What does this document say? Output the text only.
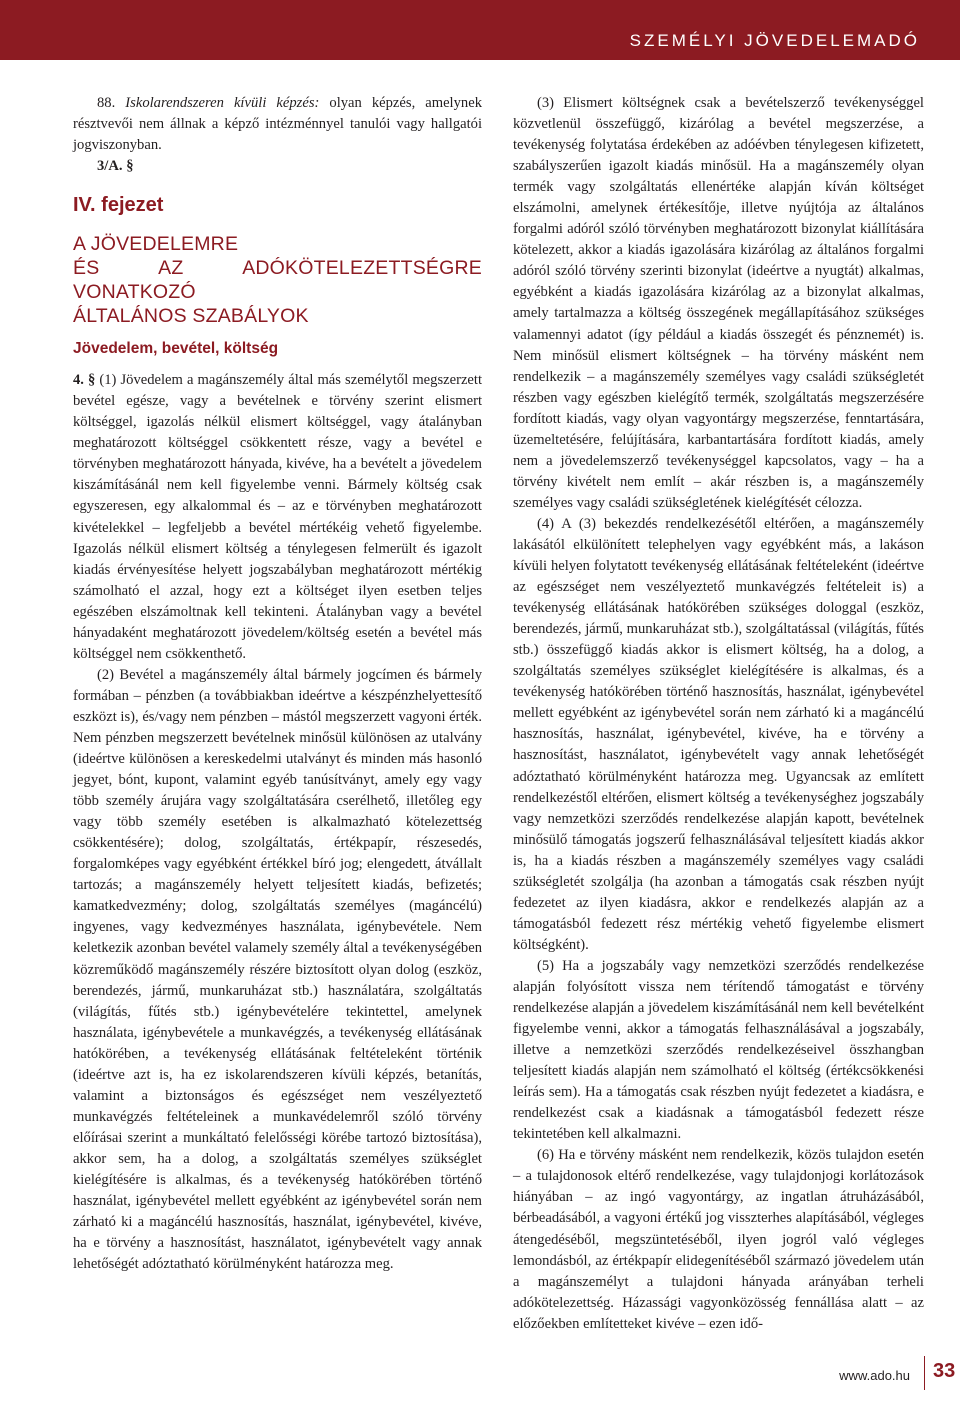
SZEMÉLYI JÖVEDELEMADÓ

88. Iskolarendszeren kívüli képzés: olyan képzés, amelynek résztvevői nem állnak a képző intézménnyel tanulói vagy hallgatói jogviszonyban.

3/A. §

IV. fejezet

A JÖVEDELEMRE
ÉS AZ ADÓKÖTELEZETTSÉGRE VONATKOZÓ
ÁLTALÁNOS SZABÁLYOK

Jövedelem, bevétel, költség

4. § (1) Jövedelem a magánszemély által más személytől megszerzett bevétel egésze, vagy a bevételnek e törvény szerint elismert költséggel, igazolás nélkül elismert költséggel, vagy átalányban meghatározott költséggel csökkentett része, vagy a bevétel e törvényben meghatározott hányada, kivéve, ha a bevételt a jövedelem kiszámításánál nem kell figyelembe venni. Bármely költség csak egyszeresen, egy alkalommal és – az e törvényben meghatározott kivételekkel – legfeljebb a bevétel mértékéig vehető figyelembe. Igazolás nélkül elismert költség a ténylegesen felmerült és igazolt kiadás érvényesítése helyett jogszabályban meghatározott mértékig számolható el azzal, hogy ezt a költséget ilyen esetben teljes egészében elszámoltnak kell tekinteni. Átalányban vagy a bevétel hányadaként meghatározott jövedelem/költség esetén a bevétel más költséggel nem csökkenthető.

(2) Bevétel a magánszemély által bármely jogcímen és bármely formában – pénzben (a továbbiakban ideértve a készpénzhelyettesítő eszközt is), és/vagy nem pénzben – mástól megszerzett vagyoni érték. Nem pénzben megszerzett bevételnek minősül különösen az utalvány (ideértve különösen a kereskedelmi utalványt és minden más hasonló jegyet, bónt, kupont, valamint egyéb tanúsítványt, amely egy vagy több személy árujára vagy szolgáltatására cserélhető, illetőleg egy vagy több személy esetében is alkalmazható kötelezettség csökkentésére); dolog, szolgáltatás, értékpapír, részesedés, forgalomképes vagy egyébként értékkel bíró jog; elengedett, átvállalt tartozás; a magánszemély helyett teljesített kiadás, befizetés; kamatkedvezmény; dolog, szolgáltatás személyes (magáncélú) ingyenes, vagy kedvezményes használata, igénybevétele. Nem keletkezik azonban bevétel valamely személy által a tevékenységében közreműködő magánszemély részére biztosított olyan dolog (eszköz, berendezés, jármű, munkaruházat stb.) használatára, szolgáltatás (világítás, fűtés stb.) igénybevételére tekintettel, amelynek használata, igénybevétele a munkavégzés, a tevékenység ellátásának hatókörében, a tevékenység ellátásának feltételeként történik (ideértve azt is, ha ez iskolarendszeren kívüli képzés, betanítás, valamint a biztonságos és egészséget nem veszélyeztető munkavégzés feltételeinek a munkavédelemről szóló törvény előírásai szerint a munkáltató felelősségi körébe tartozó biztosítása), akkor sem, ha a dolog, a szolgáltatás személyes szükséglet kielégítésére is alkalmas, és a tevékenység hatókörében történő használat, igénybevétel mellett egyébként az igénybevétel során nem zárható ki a magáncélú hasznosítás, használat, igénybevétel, kivéve, ha e törvény a hasznosítást, használatot, igénybevételt vagy annak lehetőségét adóztatható körülményként határozza meg.

(3) Elismert költségnek csak a bevételszerző tevékenységgel közvetlenül összefüggő, kizárólag a bevétel megszerzése, a tevékenység folytatása érdekében az adóévben ténylegesen kifizetett, szabályszerűen igazolt kiadás minősül. Ha a magánszemély olyan termék vagy szolgáltatás ellenértéke alapján kíván költséget elszámolni, amelynek értékesítője, illetve nyújtója az általános forgalmi adóról szóló törvényben meghatározott bizonylat kiállítására kötelezett, akkor a kiadás igazolására kizárólag az általános forgalmi adóról szóló törvény szerinti bizonylat (ideértve a nyugtát) alkalmas, egyébként a kiadás igazolására kizárólag az a bizonylat alkalmas, amely tartalmazza a költség összegének megállapításához szükséges valamennyi adatot (így például a kiadás összegét és pénznemét) is. Nem minősül elismert költségnek – ha törvény másként nem rendelkezik – a magánszemély személyes vagy családi szükségletét részben vagy egészben kielégítő termék, szolgáltatás megszerzésére fordított kiadás, vagy olyan vagyontárgy megszerzése, fenntartására, üzemeltetésére, felújítására, karbantartására fordított kiadás, amely nem a jövedelemszerző tevékenységgel kapcsolatos, vagy – ha a törvény kivételt nem említ – akár részben is, a magánszemély személyes vagy családi szükségletének kielégítését célozza.

(4) A (3) bekezdés rendelkezésétől eltérően, a magánszemély lakásától elkülönített telephelyen vagy egyébként más, a lakáson kívüli helyen folytatott tevékenység ellátásának feltételeként (ideértve az egészséget nem veszélyeztető munkavégzés feltételeit is) a tevékenység ellátásának hatókörében szükséges dologgal (eszköz, berendezés, jármű, munkaruházat stb.), szolgáltatással (világítás, fűtés stb.) összefüggő kiadás akkor is elismert költség, ha a dolog, a szolgáltatás személyes szükséglet kielégítésére is alkalmas, és a tevékenység hatókörében történő hasznosítás, használat, igénybevétel mellett egyébként az igénybevétel során nem zárható ki a magáncélú hasznosítás, használat, igénybevétel, kivéve, ha e törvény a hasznosítást, használatot, igénybevételt vagy annak lehetőségét adóztatható körülményként határozza meg. Ugyancsak az említett rendelkezéstől eltérően, elismert költség a tevékenységhez jogszabály vagy nemzetközi szerződés rendelkezése alapján kapott, bevételnek minősülő támogatás jogszerű felhasználásával teljesített kiadás akkor is, ha a kiadás részben a magánszemély személyes vagy családi szükségletét szolgálja (ha azonban a támogatás csak részben nyújt fedezetet az ilyen kiadásra, akkor e rendelkezés alapján az a támogatásból fedezett rész mértékig vehető figyelembe elismert költségként).

(5) Ha a jogszabály vagy nemzetközi szerződés rendelkezése alapján folyósított vissza nem térítendő támogatást e törvény rendelkezése alapján a jövedelem kiszámításánál nem kell bevételként figyelembe venni, akkor a támogatás felhasználásával a jogszabály, illetve a nemzetközi szerződés rendelkezéseivel összhangban teljesített kiadás alapján nem számolható el költség (értékcsökkenési leírás sem). Ha a támogatás csak részben nyújt fedezetet a kiadásra, e rendelkezést csak a kiadásnak a támogatásból fedezett része tekintetében kell alkalmazni.

(6) Ha e törvény másként nem rendelkezik, közös tulajdon esetén – a tulajdonosok eltérő rendelkezése, vagy tulajdonjogi korlátozások hiányában – az ingó vagyontárgy, az ingatlan átruházásából, bérbeadásából, a vagyoni értékű jog visszterhes alapításából, végleges átengedéséből, megszüntetéséből, ilyen jogról való végleges lemondásból, az értékpapír elidegenítéséből származó jövedelem után a magánszemélyt a tulajdoni hányada arányában terheli adókötelezettség. Házassági vagyonközösség fennállása alatt – az előzőekben említetteket kivéve – ezen idő-

www.ado.hu 33
